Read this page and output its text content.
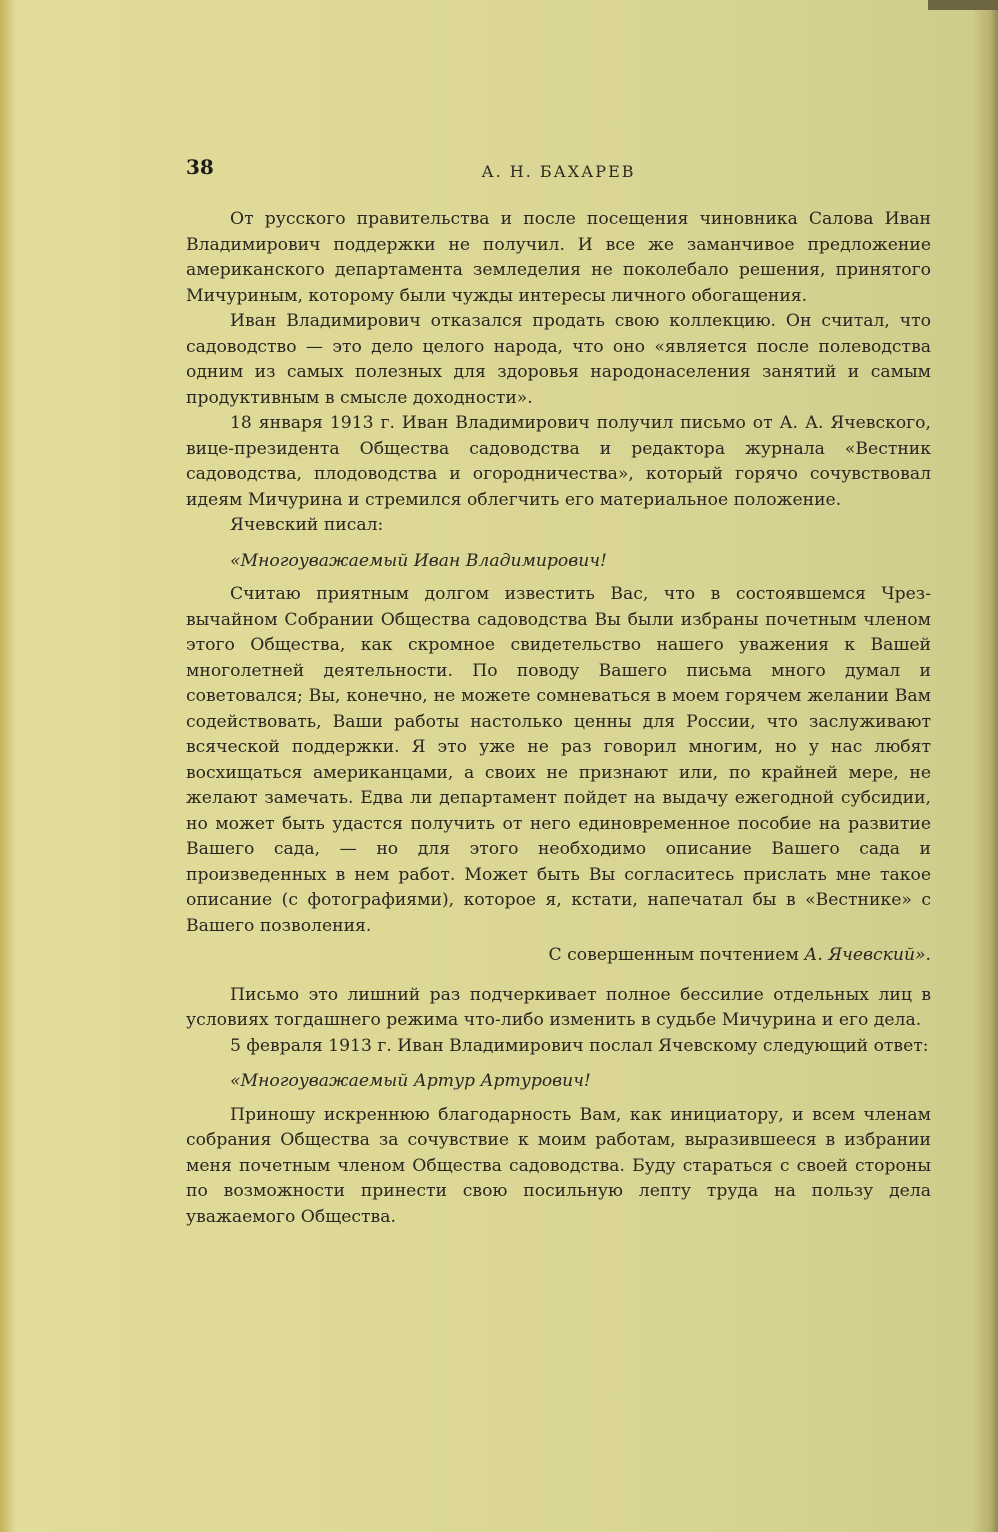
38	А. Н. БАХАРЕВ

От русского правительства и после посещения чиновника Салова Иван Владимирович поддержки не получил. И все же заманчивое предложение американского департамента земледелия не поколебало решения, принятого Мичуриным, которому были чужды интересы личного обогащения.

Иван Владимирович отказался продать свою коллекцию. Он считал, что садоводство — это дело целого народа, что оно «является после полеводства одним из самых полезных для здоровья народонаселения занятий и самым продуктивным в смысле доходности».

18 января 1913 г. Иван Владимирович получил письмо от А. А. Ячевского, вице-президента Общества садоводства и редактора журнала «Вестник садоводства, плодоводства и огородничества», который горячо сочувствовал идеям Мичурина и стремился облегчить его материальное положение.

Ячевский писал:

«Многоуважаемый Иван Владимирович!

Считаю приятным долгом известить Вас, что в состоявшемся Чрезвычайном Собрании Общества садоводства Вы были избраны почетным членом этого Общества, как скромное свидетельство нашего уважения к Вашей многолетней деятельности. По поводу Вашего письма много думал и советовался; Вы, конечно, не можете сомневаться в моем горячем желании Вам содействовать, Ваши работы настолько ценны для России, что заслуживают всяческой поддержки. Я это уже не раз говорил многим, но у нас любят восхищаться американцами, а своих не признают или, по крайней мере, не желают замечать. Едва ли департамент пойдет на выдачу ежегодной субсидии, но может быть удастся получить от него единовременное пособие на развитие Вашего сада, — но для этого необходимо описание Вашего сада и произведенных в нем работ. Может быть Вы согласитесь прислать мне такое описание (с фотографиями), которое я, кстати, напечатал бы в «Вестнике» с Вашего позволения.

С совершенным почтением А. Ячевский».

Письмо это лишний раз подчеркивает полное бессилие отдельных лиц в условиях тогдашнего режима что-либо изменить в судьбе Мичурина и его дела.

5 февраля 1913 г. Иван Владимирович послал Ячевскому следующий ответ:

«Многоуважаемый Артур Артурович!

Приношу искреннюю благодарность Вам, как инициатору, и всем членам собрания Общества за сочувствие к моим работам, выразившееся в избрании меня почетным членом Общества садоводства. Буду стараться с своей стороны по возможности принести свою посильную лепту труда на пользу дела уважаемого Общества.
